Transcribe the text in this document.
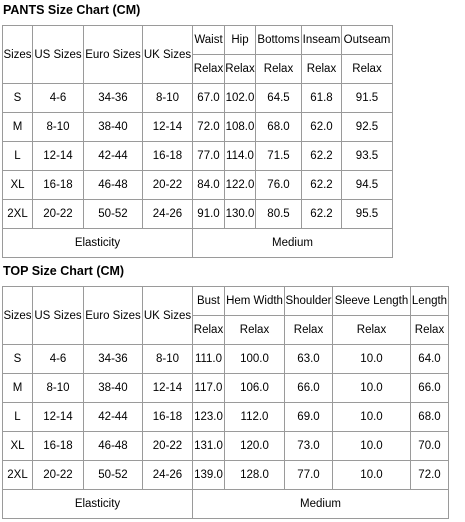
PANTS Size Chart (CM)
Sizes	US Sizes	Euro Sizes	UK Sizes	Waist	Hip	Bottoms	Inseam	Outseam
				Relax	Relax	Relax	Relax	Relax
S	4-6	34-36	8-10	67.0	102.0	64.5	61.8	91.5
M	8-10	38-40	12-14	72.0	108.0	68.0	62.0	92.5
L	12-14	42-44	16-18	77.0	114.0	71.5	62.2	93.5
XL	16-18	46-48	20-22	84.0	122.0	76.0	62.2	94.5
2XL	20-22	50-52	24-26	91.0	130.0	80.5	62.2	95.5
Elasticity				Medium				
TOP Size Chart (CM)
Sizes	US Sizes	Euro Sizes	UK Sizes	Bust	Hem Width	Shoulder	Sleeve Length	Length
				Relax	Relax	Relax	Relax	Relax
S	4-6	34-36	8-10	111.0	100.0	63.0	10.0	64.0
M	8-10	38-40	12-14	117.0	106.0	66.0	10.0	66.0
L	12-14	42-44	16-18	123.0	112.0	69.0	10.0	68.0
XL	16-18	46-48	20-22	131.0	120.0	73.0	10.0	70.0
2XL	20-22	50-52	24-26	139.0	128.0	77.0	10.0	72.0
Elasticity				Medium				
